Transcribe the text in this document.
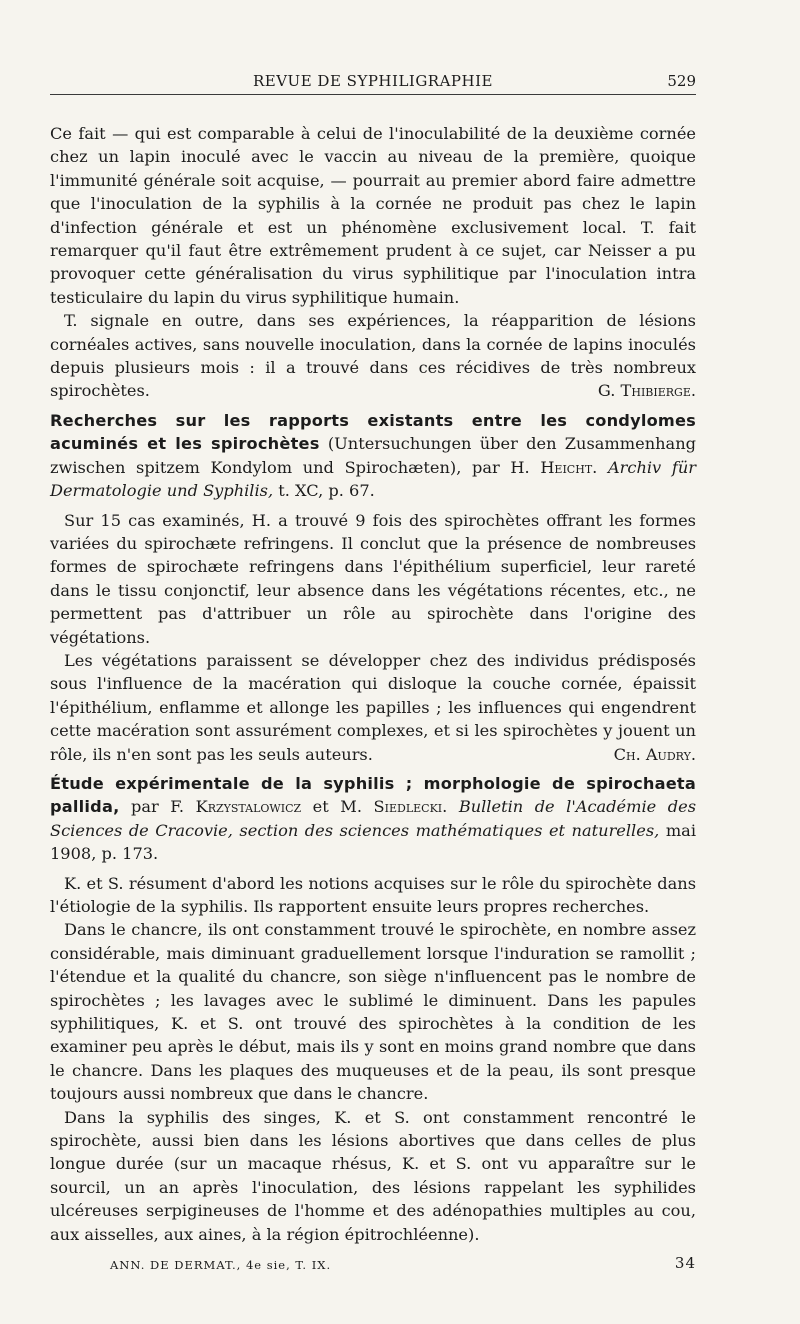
REVUE DE SYPHILIGRAPHIE	529

Ce fait — qui est comparable à celui de l'inoculabilité de la deuxième cornée chez un lapin inoculé avec le vaccin au niveau de la première, quoique l'immunité générale soit acquise, — pourrait au premier abord faire admettre que l'inoculation de la syphilis à la cornée ne produit pas chez le lapin d'infection générale et est un phénomène exclusivement local. T. fait remarquer qu'il faut être extrêmement prudent à ce sujet, car Neisser a pu provoquer cette généralisation du virus syphilitique par l'inoculation intra testiculaire du lapin du virus syphilitique humain.

T. signale en outre, dans ses expériences, la réapparition de lésions cornéales actives, sans nouvelle inoculation, dans la cornée de lapins inoculés depuis plusieurs mois : il a trouvé dans ces récidives de très nombreux spirochètes.	G. Thibierge.

Recherches sur les rapports existants entre les condylomes acuminés et les spirochètes (Untersuchungen über den Zusammenhang zwischen spitzem Kondylom und Spirochæten), par H. Heicht. Archiv für Dermatologie und Syphilis, t. XC, p. 67.

Sur 15 cas examinés, H. a trouvé 9 fois des spirochètes offrant les formes variées du spirochæte refringens. Il conclut que la présence de nombreuses formes de spirochæte refringens dans l'épithélium superficiel, leur rareté dans le tissu conjonctif, leur absence dans les végétations récentes, etc., ne permettent pas d'attribuer un rôle au spirochète dans l'origine des végétations.

Les végétations paraissent se développer chez des individus prédisposés sous l'influence de la macération qui disloque la couche cornée, épaissit l'épithélium, enflamme et allonge les papilles ; les influences qui engendrent cette macération sont assurément complexes, et si les spirochètes y jouent un rôle, ils n'en sont pas les seuls auteurs.	Ch. Audry.

Étude expérimentale de la syphilis ; morphologie de spirochaeta pallida, par F. Krzystalowicz et M. Siedlecki. Bulletin de l'Académie des Sciences de Cracovie, section des sciences mathématiques et naturelles, mai 1908, p. 173.

K. et S. résument d'abord les notions acquises sur le rôle du spirochète dans l'étiologie de la syphilis. Ils rapportent ensuite leurs propres recherches.

Dans le chancre, ils ont constamment trouvé le spirochète, en nombre assez considérable, mais diminuant graduellement lorsque l'induration se ramollit ; l'étendue et la qualité du chancre, son siège n'influencent pas le nombre de spirochètes ; les lavages avec le sublimé le diminuent. Dans les papules syphilitiques, K. et S. ont trouvé des spirochètes à la condition de les examiner peu après le début, mais ils y sont en moins grand nombre que dans le chancre. Dans les plaques des muqueuses et de la peau, ils sont presque toujours aussi nombreux que dans le chancre.

Dans la syphilis des singes, K. et S. ont constamment rencontré le spirochète, aussi bien dans les lésions abortives que dans celles de plus longue durée (sur un macaque rhésus, K. et S. ont vu apparaître sur le sourcil, un an après l'inoculation, des lésions rappelant les syphilides ulcéreuses serpigineuses de l'homme et des adénopathies multiples au cou, aux aisselles, aux aines, à la région épitrochléenne).

ANN. DE DERMAT., 4e sie, T. IX.	34
